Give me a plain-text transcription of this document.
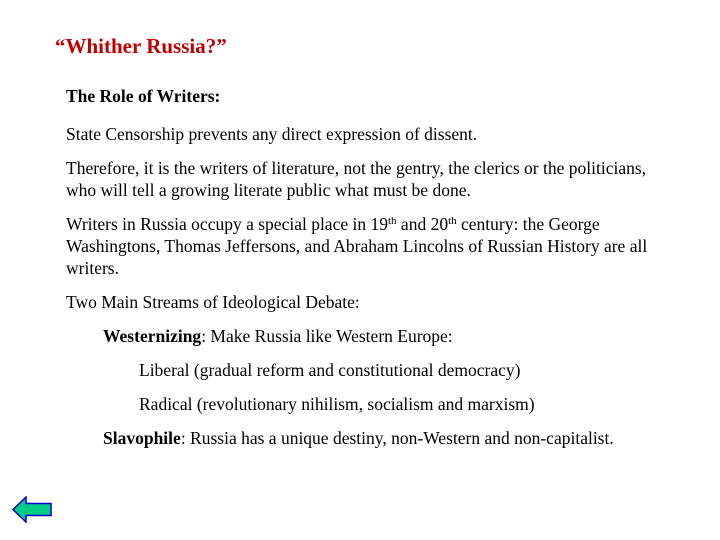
“Whither Russia?”
The Role of Writers:

State Censorship prevents any direct expression of dissent.

Therefore, it is the writers of literature, not the gentry, the clerics or the politicians, who will tell a growing literate public what must be done.

Writers in Russia occupy a special place in 19th and 20th century: the George Washingtons, Thomas Jeffersons, and Abraham Lincolns of Russian History are all writers.

Two Main Streams of Ideological Debate:

Westernizing: Make Russia like Western Europe:

Liberal (gradual reform and constitutional democracy)

Radical (revolutionary nihilism, socialism and marxism)

Slavophile: Russia has a unique destiny, non-Western and non-capitalist.
